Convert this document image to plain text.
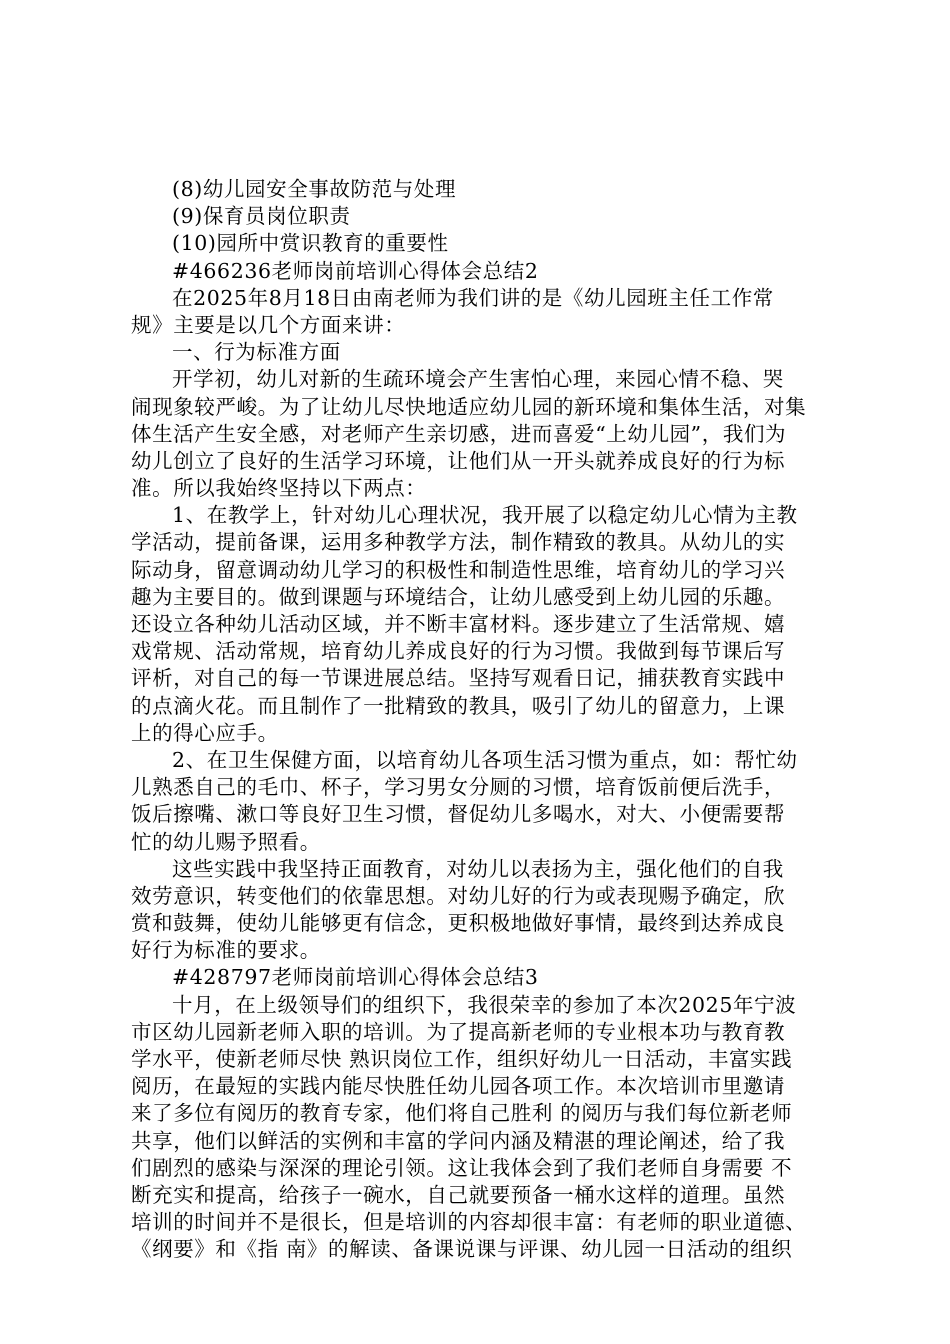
(8)幼儿园安全事故防范与处理
(9)保育员岗位职责
(10)园所中赏识教育的重要性
#466236老师岗前培训心得体会总结2
在2025年8月18日由南老师为我们讲的是《幼儿园班主任工作常
规》主要是以几个方面来讲：
一、行为标准方面
开学初，幼儿对新的生疏环境会产生害怕心理，来园心情不稳、哭
闹现象较严峻。为了让幼儿尽快地适应幼儿园的新环境和集体生活，对集
体生活产生安全感，对老师产生亲切感，进而喜爱“上幼儿园”，我们为
幼儿创立了良好的生活学习环境，让他们从一开头就养成良好的行为标
准。所以我始终坚持以下两点：
1、在教学上，针对幼儿心理状况，我开展了以稳定幼儿心情为主教
学活动，提前备课，运用多种教学方法，制作精致的教具。从幼儿的实
际动身，留意调动幼儿学习的积极性和制造性思维，培育幼儿的学习兴
趣为主要目的。做到课题与环境结合，让幼儿感受到上幼儿园的乐趣。
还设立各种幼儿活动区域，并不断丰富材料。逐步建立了生活常规、嬉
戏常规、活动常规，培育幼儿养成良好的行为习惯。我做到每节课后写
评析，对自己的每一节课进展总结。坚持写观看日记，捕获教育实践中
的点滴火花。而且制作了一批精致的教具，吸引了幼儿的留意力，上课
上的得心应手。
2、在卫生保健方面，以培育幼儿各项生活习惯为重点，如：帮忙幼
儿熟悉自己的毛巾、杯子，学习男女分厕的习惯，培育饭前便后洗手，
饭后擦嘴、漱口等良好卫生习惯，督促幼儿多喝水，对大、小便需要帮
忙的幼儿赐予照看。
这些实践中我坚持正面教育，对幼儿以表扬为主，强化他们的自我
效劳意识，转变他们的依靠思想。对幼儿好的行为或表现赐予确定，欣
赏和鼓舞，使幼儿能够更有信念，更积极地做好事情，最终到达养成良
好行为标准的要求。
#428797老师岗前培训心得体会总结3
十月，在上级领导们的组织下，我很荣幸的参加了本次2025年宁波
市区幼儿园新老师入职的培训。为了提高新老师的专业根本功与教育教
学水平，使新老师尽快 熟识岗位工作，组织好幼儿一日活动，丰富实践
阅历，在最短的实践内能尽快胜任幼儿园各项工作。本次培训市里邀请
来了多位有阅历的教育专家，他们将自己胜利 的阅历与我们每位新老师
共享，他们以鲜活的实例和丰富的学问内涵及精湛的理论阐述，给了我
们剧烈的感染与深深的理论引领。这让我体会到了我们老师自身需要 不
断充实和提高，给孩子一碗水，自己就要预备一桶水这样的道理。虽然
培训的时间并不是很长，但是培训的内容却很丰富：有老师的职业道德、
《纲要》和《指 南》的解读、备课说课与评课、幼儿园一日活动的组织
